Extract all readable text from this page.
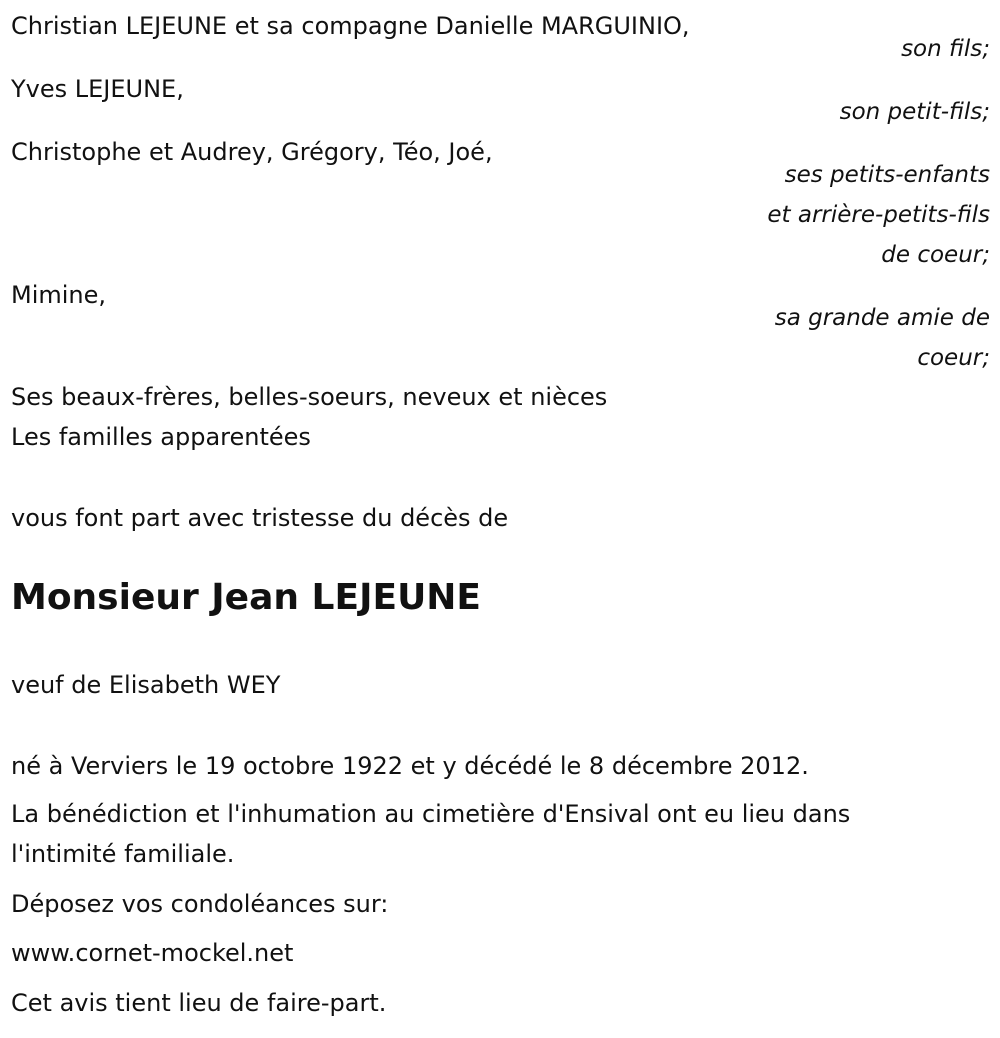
Christian LEJEUNE et sa compagne Danielle MARGUINIO,
son fils;
Yves LEJEUNE,
son petit-fils;
Christophe et Audrey, Grégory, Téo, Joé,
ses petits-enfants
et arrière-petits-fils
de coeur;
Mimine,
sa grande amie de
coeur;
Ses beaux-frères, belles-soeurs, neveux et nièces
Les familles apparentées
vous font part avec tristesse du décès de
Monsieur Jean LEJEUNE
veuf de Elisabeth WEY
né à Verviers le 19 octobre 1922 et y décédé le 8 décembre 2012.
La bénédiction et l'inhumation au cimetière d'Ensival ont eu lieu dans
l'intimité familiale.
Déposez vos condoléances sur:
www.cornet-mockel.net
Cet avis tient lieu de faire-part.
